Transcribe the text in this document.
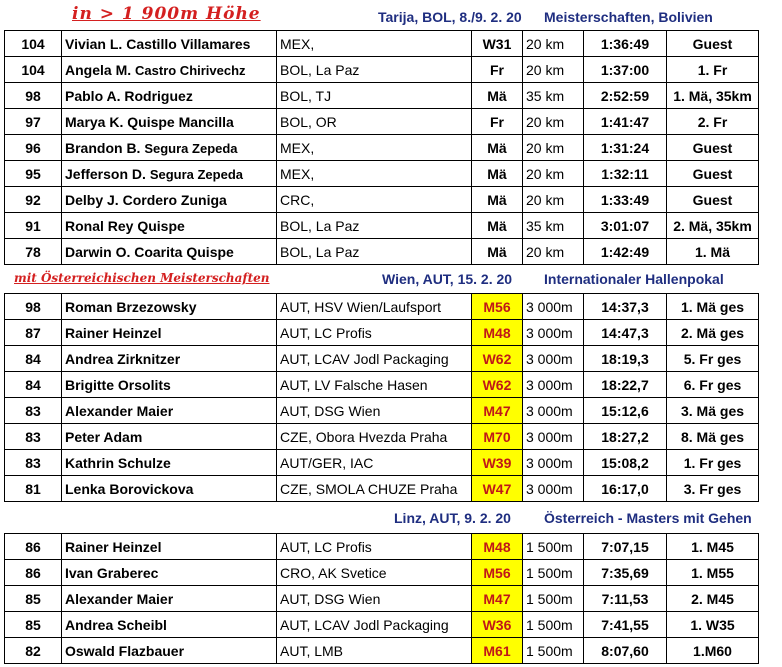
in > 1 900m Höhe	Tarija, BOL, 8./9. 2. 20 Meisterschaften, Bolivien
104	Vivian L. Castillo Villamares	MEX,	W31	20 km	1:36:49	Guest
104	Angela M. Castro Chirivechz	BOL, La Paz	Fr	20 km	1:37:00	1. Fr
98	Pablo A. Rodriguez	BOL, TJ	Mä	35 km	2:52:59	1. Mä, 35km
97	Marya K. Quispe Mancilla	BOL, OR	Fr	20 km	1:41:47	2. Fr
96	Brandon B. Segura Zepeda	MEX,	Mä	20 km	1:31:24	Guest
95	Jefferson D. Segura Zepeda	MEX,	Mä	20 km	1:32:11	Guest
92	Delby J. Cordero Zuniga	CRC,	Mä	20 km	1:33:49	Guest
91	Ronal Rey Quispe	BOL, La Paz	Mä	35 km	3:01:07	2. Mä, 35km
78	Darwin O. Coarita Quispe	BOL, La Paz	Mä	20 km	1:42:49	1. Mä
mit Österreichischen Meisterschaften	Wien, AUT, 15. 2. 20 Internationaler Hallenpokal
98	Roman Brzezowsky	AUT, HSV Wien/Laufsport	M56	3 000m	14:37,3	1. Mä ges
87	Rainer Heinzel	AUT, LC Profis	M48	3 000m	14:47,3	2. Mä ges
84	Andrea Zirknitzer	AUT, LCAV Jodl Packaging	W62	3 000m	18:19,3	5. Fr ges
84	Brigitte Orsolits	AUT, LV Falsche Hasen	W62	3 000m	18:22,7	6. Fr ges
83	Alexander Maier	AUT, DSG Wien	M47	3 000m	15:12,6	3. Mä ges
83	Peter Adam	CZE, Obora Hvezda Praha	M70	3 000m	18:27,2	8. Mä ges
83	Kathrin Schulze	AUT/GER, IAC	W39	3 000m	15:08,2	1. Fr ges
81	Lenka Borovickova	CZE, SMOLA CHUZE Praha	W47	3 000m	16:17,0	3. Fr ges
Linz, AUT, 9. 2. 20 Österreich - Masters mit Gehen
86	Rainer Heinzel	AUT, LC Profis	M48	1 500m	7:07,15	1. M45
86	Ivan Graberec	CRO, AK Svetice	M56	1 500m	7:35,69	1. M55
85	Alexander Maier	AUT, DSG Wien	M47	1 500m	7:11,53	2. M45
85	Andrea Scheibl	AUT, LCAV Jodl Packaging	W36	1 500m	7:41,55	1. W35
82	Oswald Flazbauer	AUT, LMB	M61	1 500m	8:07,60	1.M60
